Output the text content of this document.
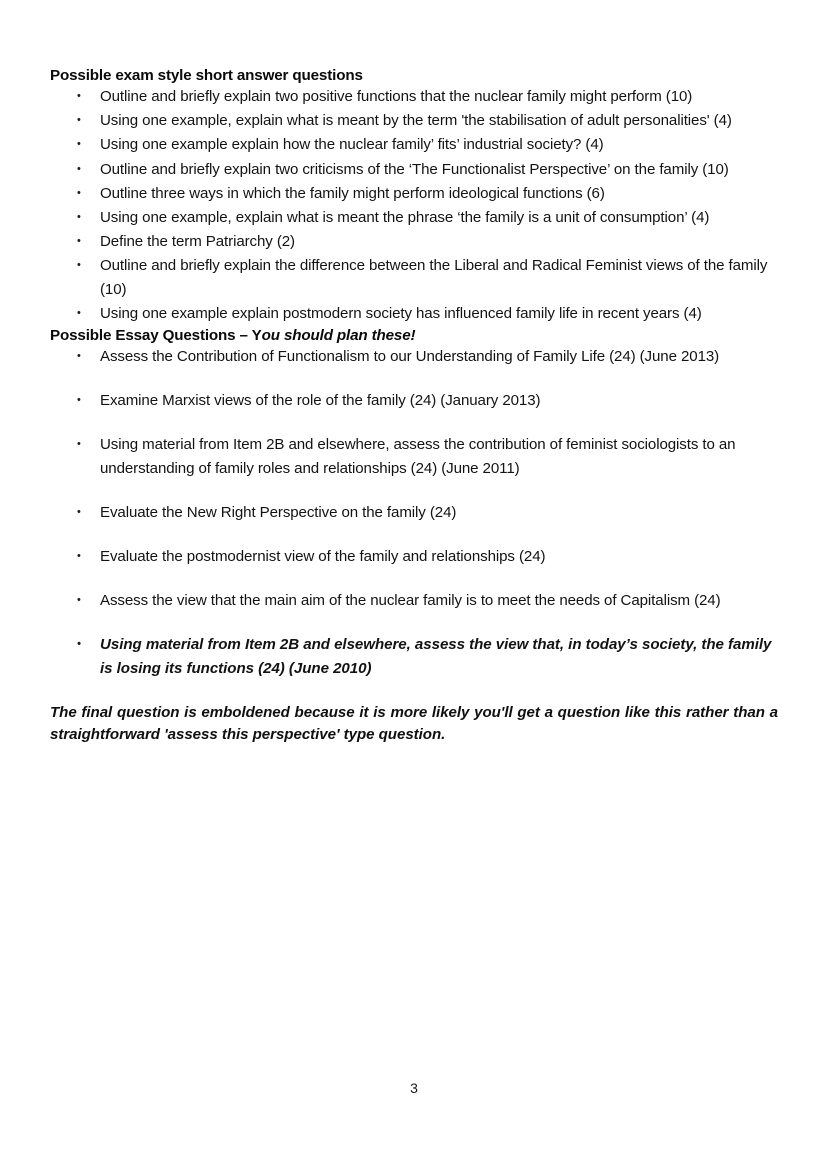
Possible exam style short answer questions
• Outline and briefly explain two positive functions that the nuclear family might perform (10)
• Using one example, explain what is meant by the term 'the stabilisation of adult personalities' (4)
• Using one example explain how the nuclear family’ fits’ industrial society? (4)
• Outline and briefly explain two criticisms of the ‘The Functionalist Perspective’ on the family (10)
• Outline three ways in which the family might perform ideological functions (6)
• Using one example, explain what is meant the phrase ‘the family is a unit of consumption’ (4)
• Define the term Patriarchy (2)
• Outline and briefly explain the difference between the Liberal and Radical Feminist views of the family (10)
• Using one example explain postmodern society has influenced family life in recent years (4)
Possible Essay Questions – You should plan these!
• Assess the Contribution of Functionalism to our Understanding of Family Life (24) (June 2013)
• Examine Marxist views of the role of the family (24) (January 2013)
• Using material from Item 2B and elsewhere, assess the contribution of feminist sociologists to an understanding of family roles and relationships (24) (June 2011)
• Evaluate the New Right Perspective on the family (24)
• Evaluate the postmodernist view of the family and relationships (24)
• Assess the view that the main aim of the nuclear family is to meet the needs of Capitalism (24)
• Using material from Item 2B and elsewhere, assess the view that, in today’s society, the family is losing its functions (24) (June 2010)

The final question is emboldened because it is more likely you'll get a question like this rather than a straightforward 'assess this perspective' type question.

3
